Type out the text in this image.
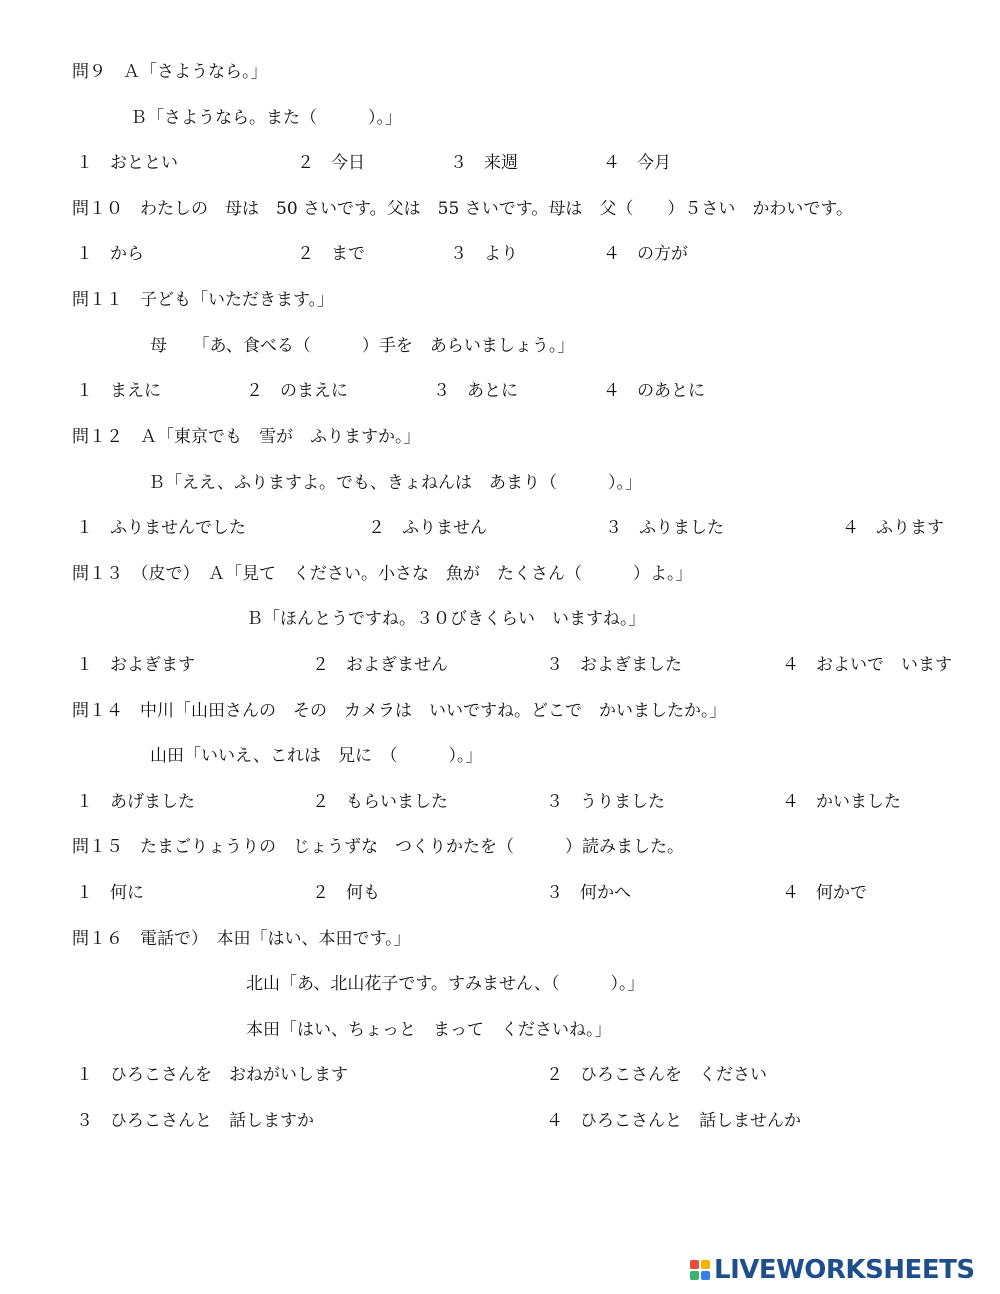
問９　Ａ「さようなら。」
Ｂ「さようなら。また（　　　）。」
１　おととい　　　　　　　２　今日　　　　　３　来週　　　　　４　今月
問１０　わたしの　母は　50 さいです。父は　55 さいです。母は　父（　　）５さい　かわいです。
１　から　　　　　　　　　２　まで　　　　　３　より　　　　　４　の方が
問１１　子ども「いただきます。」
母　　「あ、食べる（　　　）手を　あらいましょう。」
１　まえに　　　　　２　のまえに　　　　　３　あとに　　　　　４　のあとに
問１２　Ａ「東京でも　雪が　ふりますか。」
Ｂ「ええ、ふりますよ。でも、きょねんは　あまり（　　　）。」
１　ふりませんでした	２　ふりません	３　ふりました	４　ふります
問１３　（皮で）　Ａ「見て　ください。小さな　魚が　たくさん（　　　）よ。」
Ｂ「ほんとうですね。３０びきくらい　いますね。」
１　およぎます	２　およぎません	３　およぎました	４　およいで　います
問１４　中川「山田さんの　その　カメラは　いいですね。どこで　かいましたか。」
山田「いいえ、これは　兄に　（　　　）。」
１　あげました	２　もらいました	３　うりました	４　かいました
問１５　たまごりょうりの　じょうずな　つくりかたを（　　　）読みました。
１　何に	２　何も	３　何かへ	４　何かで
問１６　電話で）　本田「はい、本田です。」
北山「あ、北山花子です。すみません、（　　　）。」
本田「はい、ちょっと　まって　くださいね。」
１　ひろこさんを　おねがいします	２　ひろこさんを　ください
３　ひろこさんと　話しますか	４　ひろこさんと　話しませんか
LIVEWORKSHEETS
